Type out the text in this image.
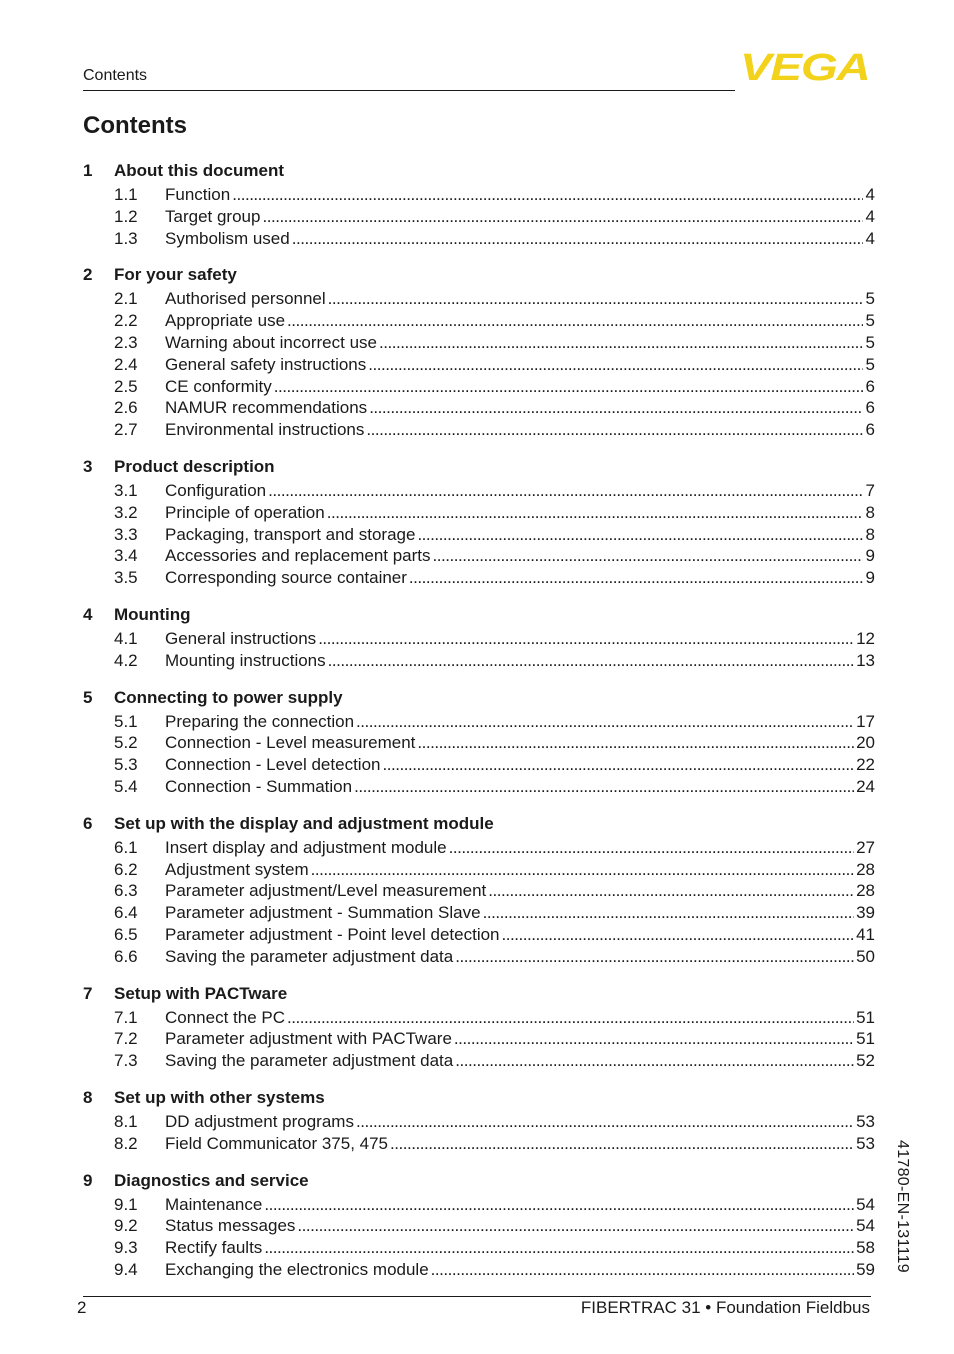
Contents	VEGA
Contents
1	About this document
1.1	Function . . .	4
1.2	Target group . . .	4
1.3	Symbolism used . . .	4
2	For your safety
2.1	Authorised personnel . . .	5
2.2	Appropriate use . . .	5
2.3	Warning about incorrect use . . .	5
2.4	General safety instructions . . .	5
2.5	CE conformity . . .	6
2.6	NAMUR recommendations . . .	6
2.7	Environmental instructions . . .	6
3	Product description
3.1	Configuration . . .	7
3.2	Principle of operation . . .	8
3.3	Packaging, transport and storage . . .	8
3.4	Accessories and replacement parts . . .	9
3.5	Corresponding source container . . .	9
4	Mounting
4.1	General instructions . . .	12
4.2	Mounting instructions . . .	13
5	Connecting to power supply
5.1	Preparing the connection . . .	17
5.2	Connection - Level measurement . . .	20
5.3	Connection - Level detection . . .	22
5.4	Connection - Summation . . .	24
6	Set up with the display and adjustment module
6.1	Insert display and adjustment module . . .	27
6.2	Adjustment system . . .	28
6.3	Parameter adjustment/Level measurement . . .	28
6.4	Parameter adjustment - Summation Slave . . .	39
6.5	Parameter adjustment - Point level detection . . .	41
6.6	Saving the parameter adjustment data . . .	50
7	Setup with PACTware
7.1	Connect the PC . . .	51
7.2	Parameter adjustment with PACTware . . .	51
7.3	Saving the parameter adjustment data . . .	52
8	Set up with other systems
8.1	DD adjustment programs . . .	53
8.2	Field Communicator 375, 475 . . .	53
9	Diagnostics and service
9.1	Maintenance . . .	54
9.2	Status messages . . .	54
9.3	Rectify faults . . .	58
9.4	Exchanging the electronics module . . .	59 41780-EN-131119
2	FIBERTRAC 31 • Foundation Fieldbus
